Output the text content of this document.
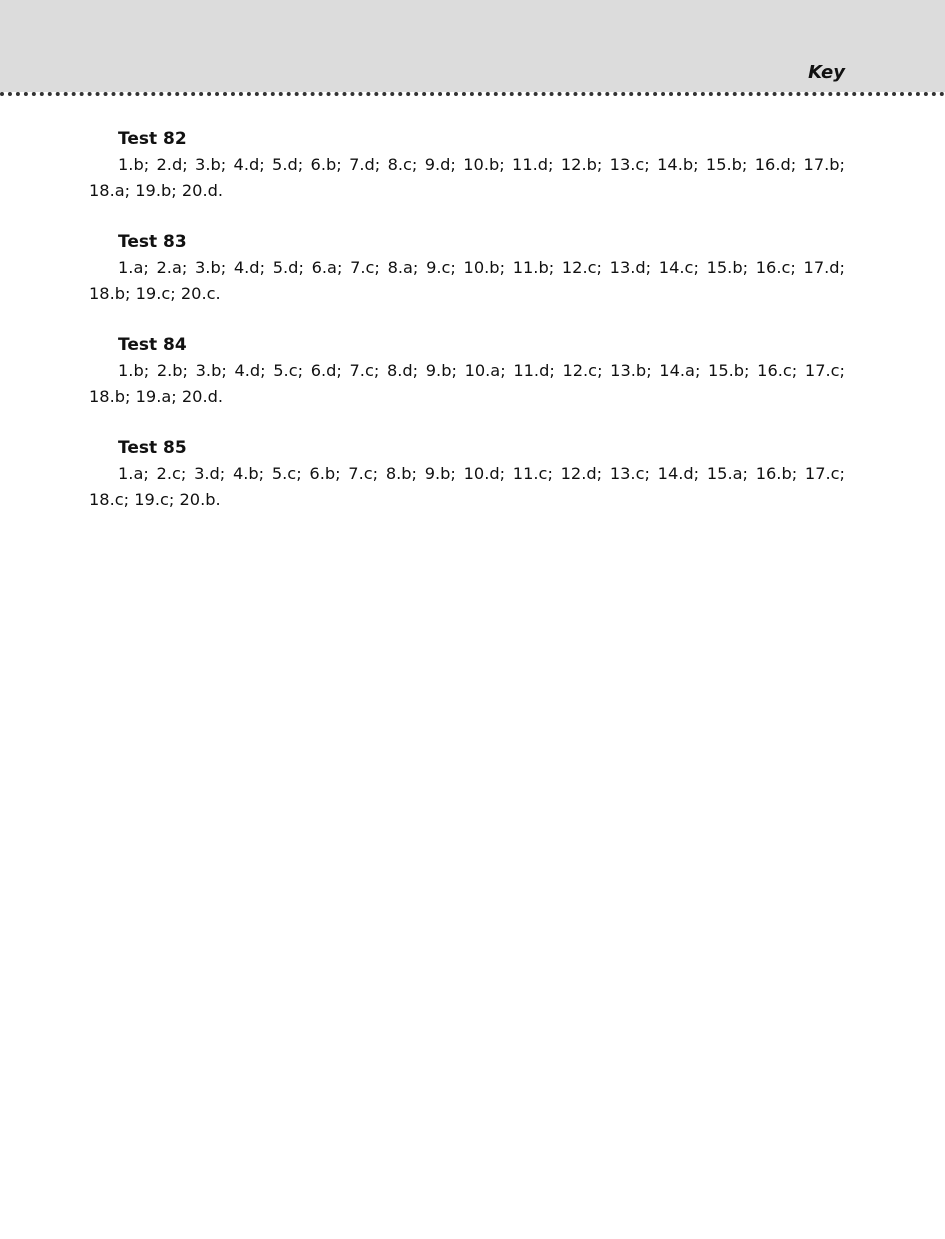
Key
Test 82

1.b; 2.d; 3.b; 4.d; 5.d; 6.b; 7.d; 8.c; 9.d; 10.b; 11.d; 12.b; 13.c; 14.b; 15.b; 16.d; 17.b; 18.a; 19.b; 20.d.

Test 83

1.a; 2.a; 3.b; 4.d; 5.d; 6.a; 7.c; 8.a; 9.c; 10.b; 11.b; 12.c; 13.d; 14.c; 15.b; 16.c; 17.d; 18.b; 19.c; 20.c.

Test 84

1.b; 2.b; 3.b; 4.d; 5.c; 6.d; 7.c; 8.d; 9.b; 10.a; 11.d; 12.c; 13.b; 14.a; 15.b; 16.c; 17.c; 18.b; 19.a; 20.d.

Test 85

1.a; 2.c; 3.d; 4.b; 5.c; 6.b; 7.c; 8.b; 9.b; 10.d; 11.c; 12.d; 13.c; 14.d; 15.a; 16.b; 17.c; 18.c; 19.c; 20.b.
